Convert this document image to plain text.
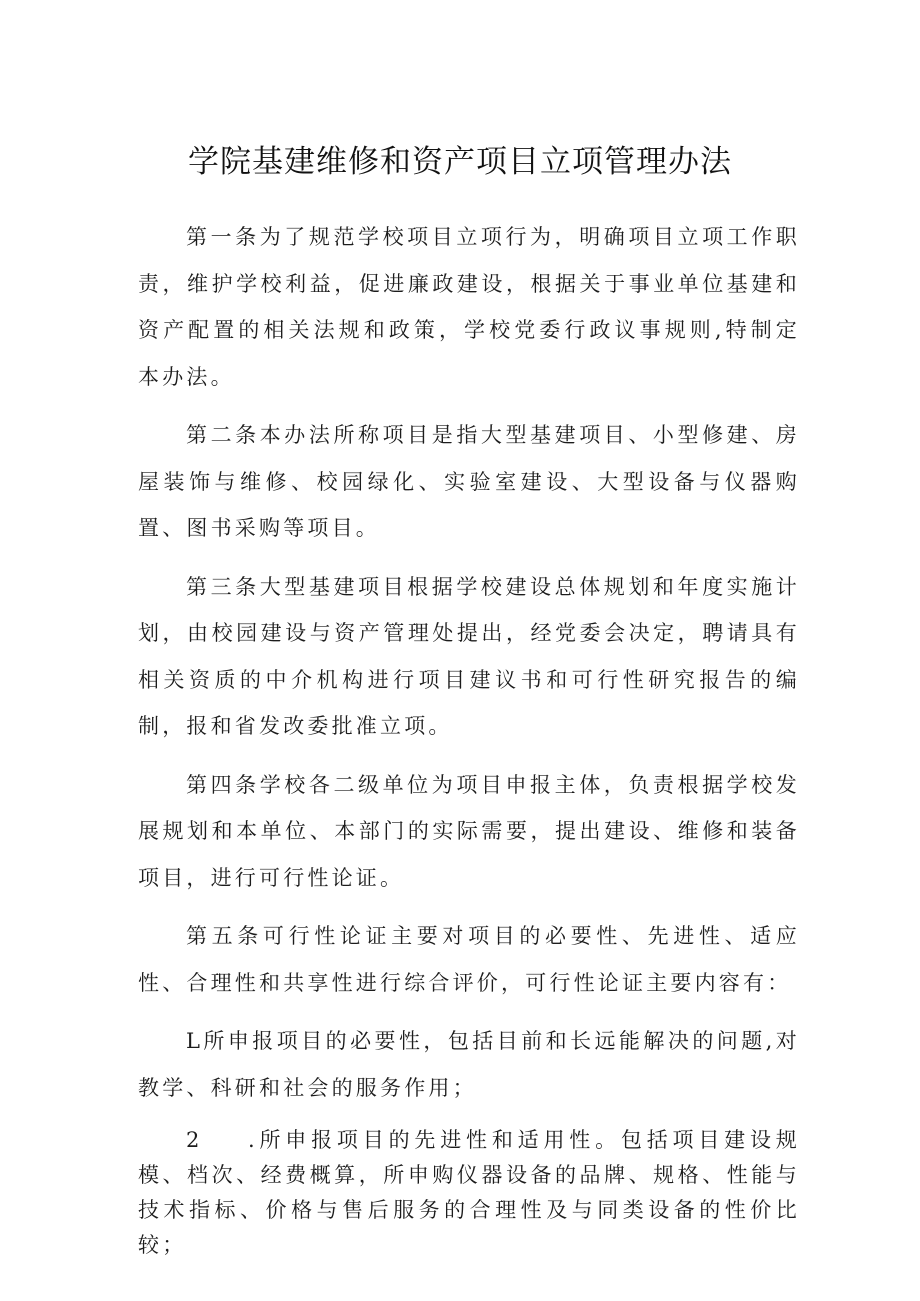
学院基建维修和资产项目立项管理办法

第一条为了规范学校项目立项行为，明确项目立项工作职责，维护学校利益，促进廉政建设，根据关于事业单位基建和资产配置的相关法规和政策，学校党委行政议事规则,特制定本办法。

第二条本办法所称项目是指大型基建项目、小型修建、房屋装饰与维修、校园绿化、实验室建设、大型设备与仪器购置、图书采购等项目。

第三条大型基建项目根据学校建设总体规划和年度实施计划，由校园建设与资产管理处提出，经党委会决定，聘请具有相关资质的中介机构进行项目建议书和可行性研究报告的编制，报和省发改委批准立项。

第四条学校各二级单位为项目申报主体，负责根据学校发展规划和本单位、本部门的实际需要，提出建设、维修和装备项目，进行可行性论证。

第五条可行性论证主要对项目的必要性、先进性、适应性、合理性和共享性进行综合评价，可行性论证主要内容有：

L所申报项目的必要性，包括目前和长远能解决的问题,对教学、科研和社会的服务作用；

2 .所申报项目的先进性和适用性。包括项目建设规模、档次、经费概算，所申购仪器设备的品牌、规格、性能与技术指标、价格与售后服务的合理性及与同类设备的性价比较；
